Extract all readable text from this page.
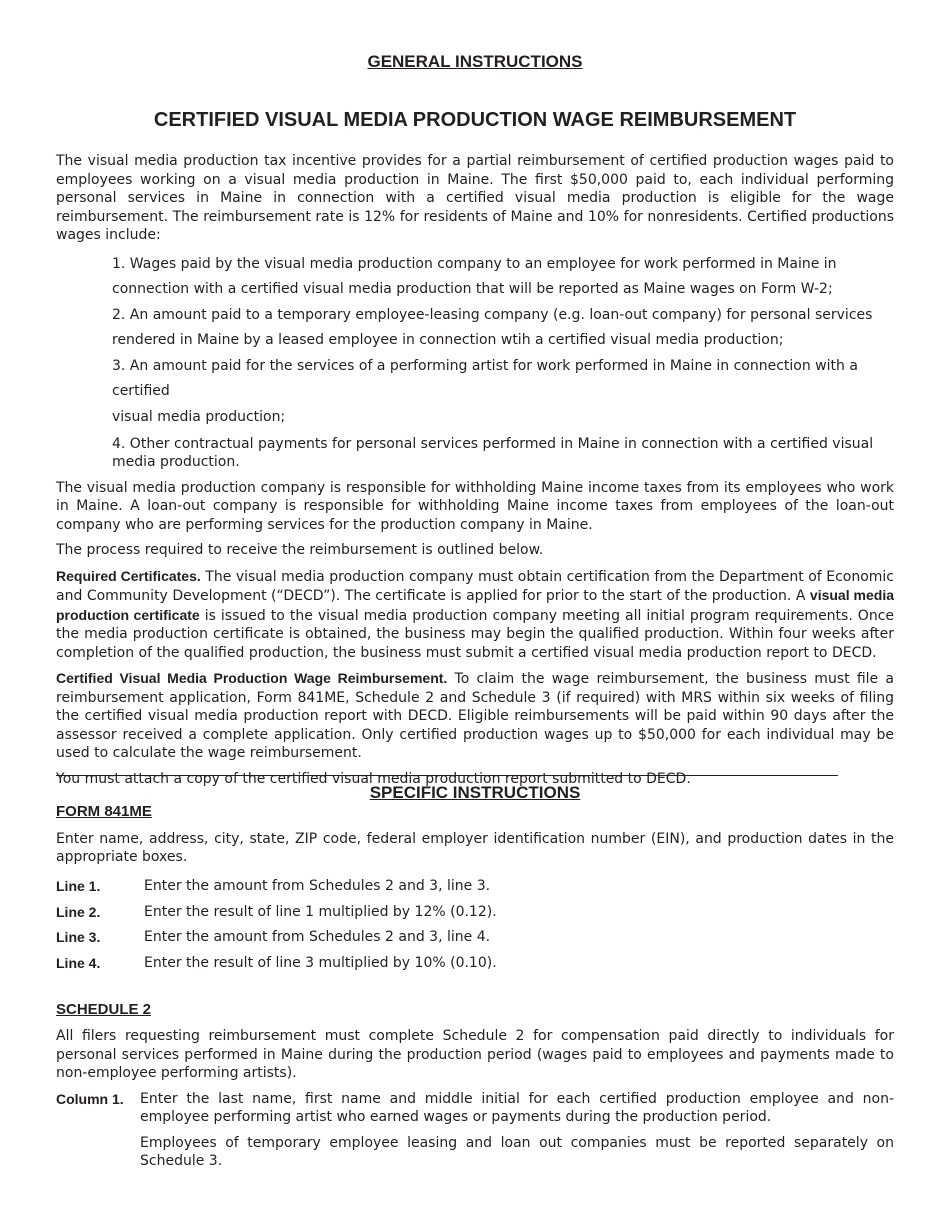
GENERAL INSTRUCTIONS
CERTIFIED VISUAL MEDIA PRODUCTION WAGE REIMBURSEMENT

The visual media production tax incentive provides for a partial reimbursement of certified production wages paid to employees working on a visual media production in Maine. The first $50,000 paid to, each individual performing personal services in Maine in connection with a certified visual media production is eligible for the wage reimbursement. The reimbursement rate is 12% for residents of Maine and 10% for nonresidents. Certified productions wages include:

1. Wages paid by the visual media production company to an employee for work performed in Maine in
connection with a certified visual media production that will be reported as Maine wages on Form W-2;
2. An amount paid to a temporary employee-leasing company (e.g. loan-out company) for personal services
rendered in Maine by a leased employee in connection wtih a certified visual media production;
3. An amount paid for the services of a performing artist for work performed in Maine in connection with a certified
visual media production;
4. Other contractual payments for personal services performed in Maine in connection with a certified visual media production.

The visual media production company is responsible for withholding Maine income taxes from its employees who work in Maine. A loan-out company is responsible for withholding Maine income taxes from employees of the loan-out company who are performing services for the production company in Maine.

The process required to receive the reimbursement is outlined below.

Required Certificates. The visual media production company must obtain certification from the Department of Economic and Community Development (“DECD”). The certificate is applied for prior to the start of the production. A visual media production certificate is issued to the visual media production company meeting all initial program requirements. Once the media production certificate is obtained, the business may begin the qualified production. Within four weeks after completion of the qualified production, the business must submit a certified visual media production report to DECD.

Certified Visual Media Production Wage Reimbursement. To claim the wage reimbursement, the business must file a reimbursement application, Form 841ME, Schedule 2 and Schedule 3 (if required) with MRS within six weeks of filing the certified visual media production report with DECD. Eligible reimbursements will be paid within 90 days after the assessor received a complete application. Only certified production wages up to $50,000 for each individual may be used to calculate the wage reimbursement.

You must attach a copy of the certified visual media production report submitted to DECD.

SPECIFIC INSTRUCTIONS
FORM 841ME

Enter name, address, city, state, ZIP code, federal employer identification number (EIN), and production dates in the appropriate boxes.

Line 1.	Enter the amount from Schedules 2 and 3, line 3.
Line 2.	Enter the result of line 1 multiplied by 12% (0.12).
Line 3.	Enter the amount from Schedules 2 and 3, line 4.
Line 4.	Enter the result of line 3 multiplied by 10% (0.10).
SCHEDULE 2

All filers requesting reimbursement must complete Schedule 2 for compensation paid directly to individuals for personal services performed in Maine during the production period (wages paid to employees and payments made to non-employee performing artists).

Column 1.	Enter the last name, first name and middle initial for each certified production employee and non-employee performing artist who earned wages or payments during the production period.

Employees of temporary employee leasing and loan out companies must be reported separately on Schedule 3.
